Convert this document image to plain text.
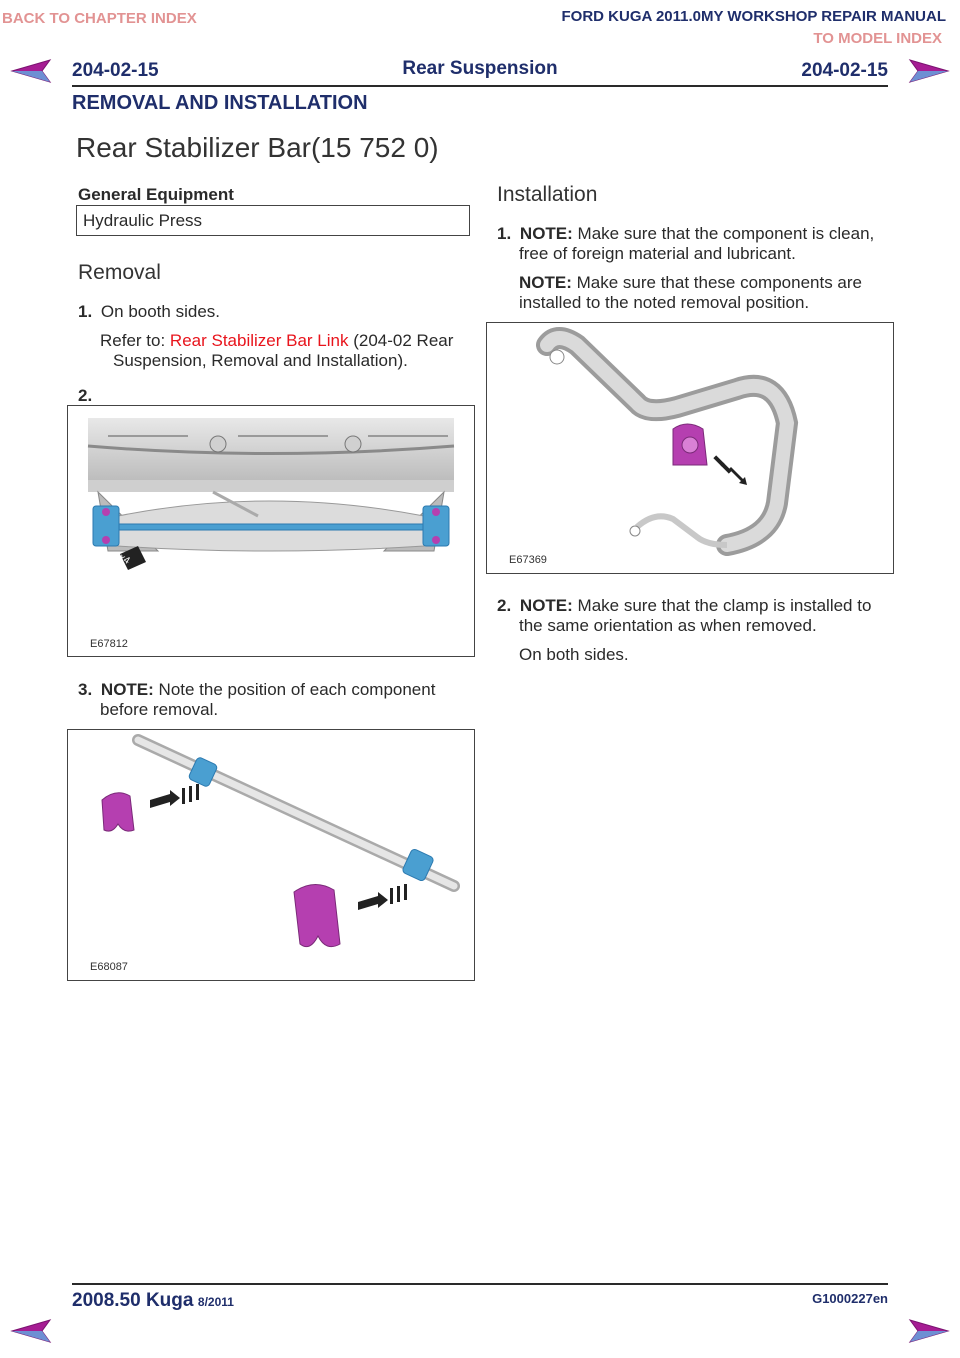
BACK TO CHAPTER INDEX	FORD KUGA 2011.0MY WORKSHOP REPAIR MANUAL
TO MODEL INDEX
204-02-15	Rear Suspension	204-02-15
REMOVAL AND INSTALLATION
Rear Stabilizer Bar(15 752 0)
General Equipment
Hydraulic Press
Removal
1. On booth sides.
Refer to: Rear Stabilizer Bar Link (204-02 Rear
Suspension, Removal and Installation).
2.
x4
E67812
3. NOTE: Note the position of each component
before removal.
E68087
Installation
1. NOTE: Make sure that the component is clean,
free of foreign material and lubricant.
NOTE: Make sure that these components are
installed to the noted removal position.
E67369
2. NOTE: Make sure that the clamp is installed to
the same orientation as when removed.
On both sides.
2008.50 Kuga 8/2011	G1000227en
